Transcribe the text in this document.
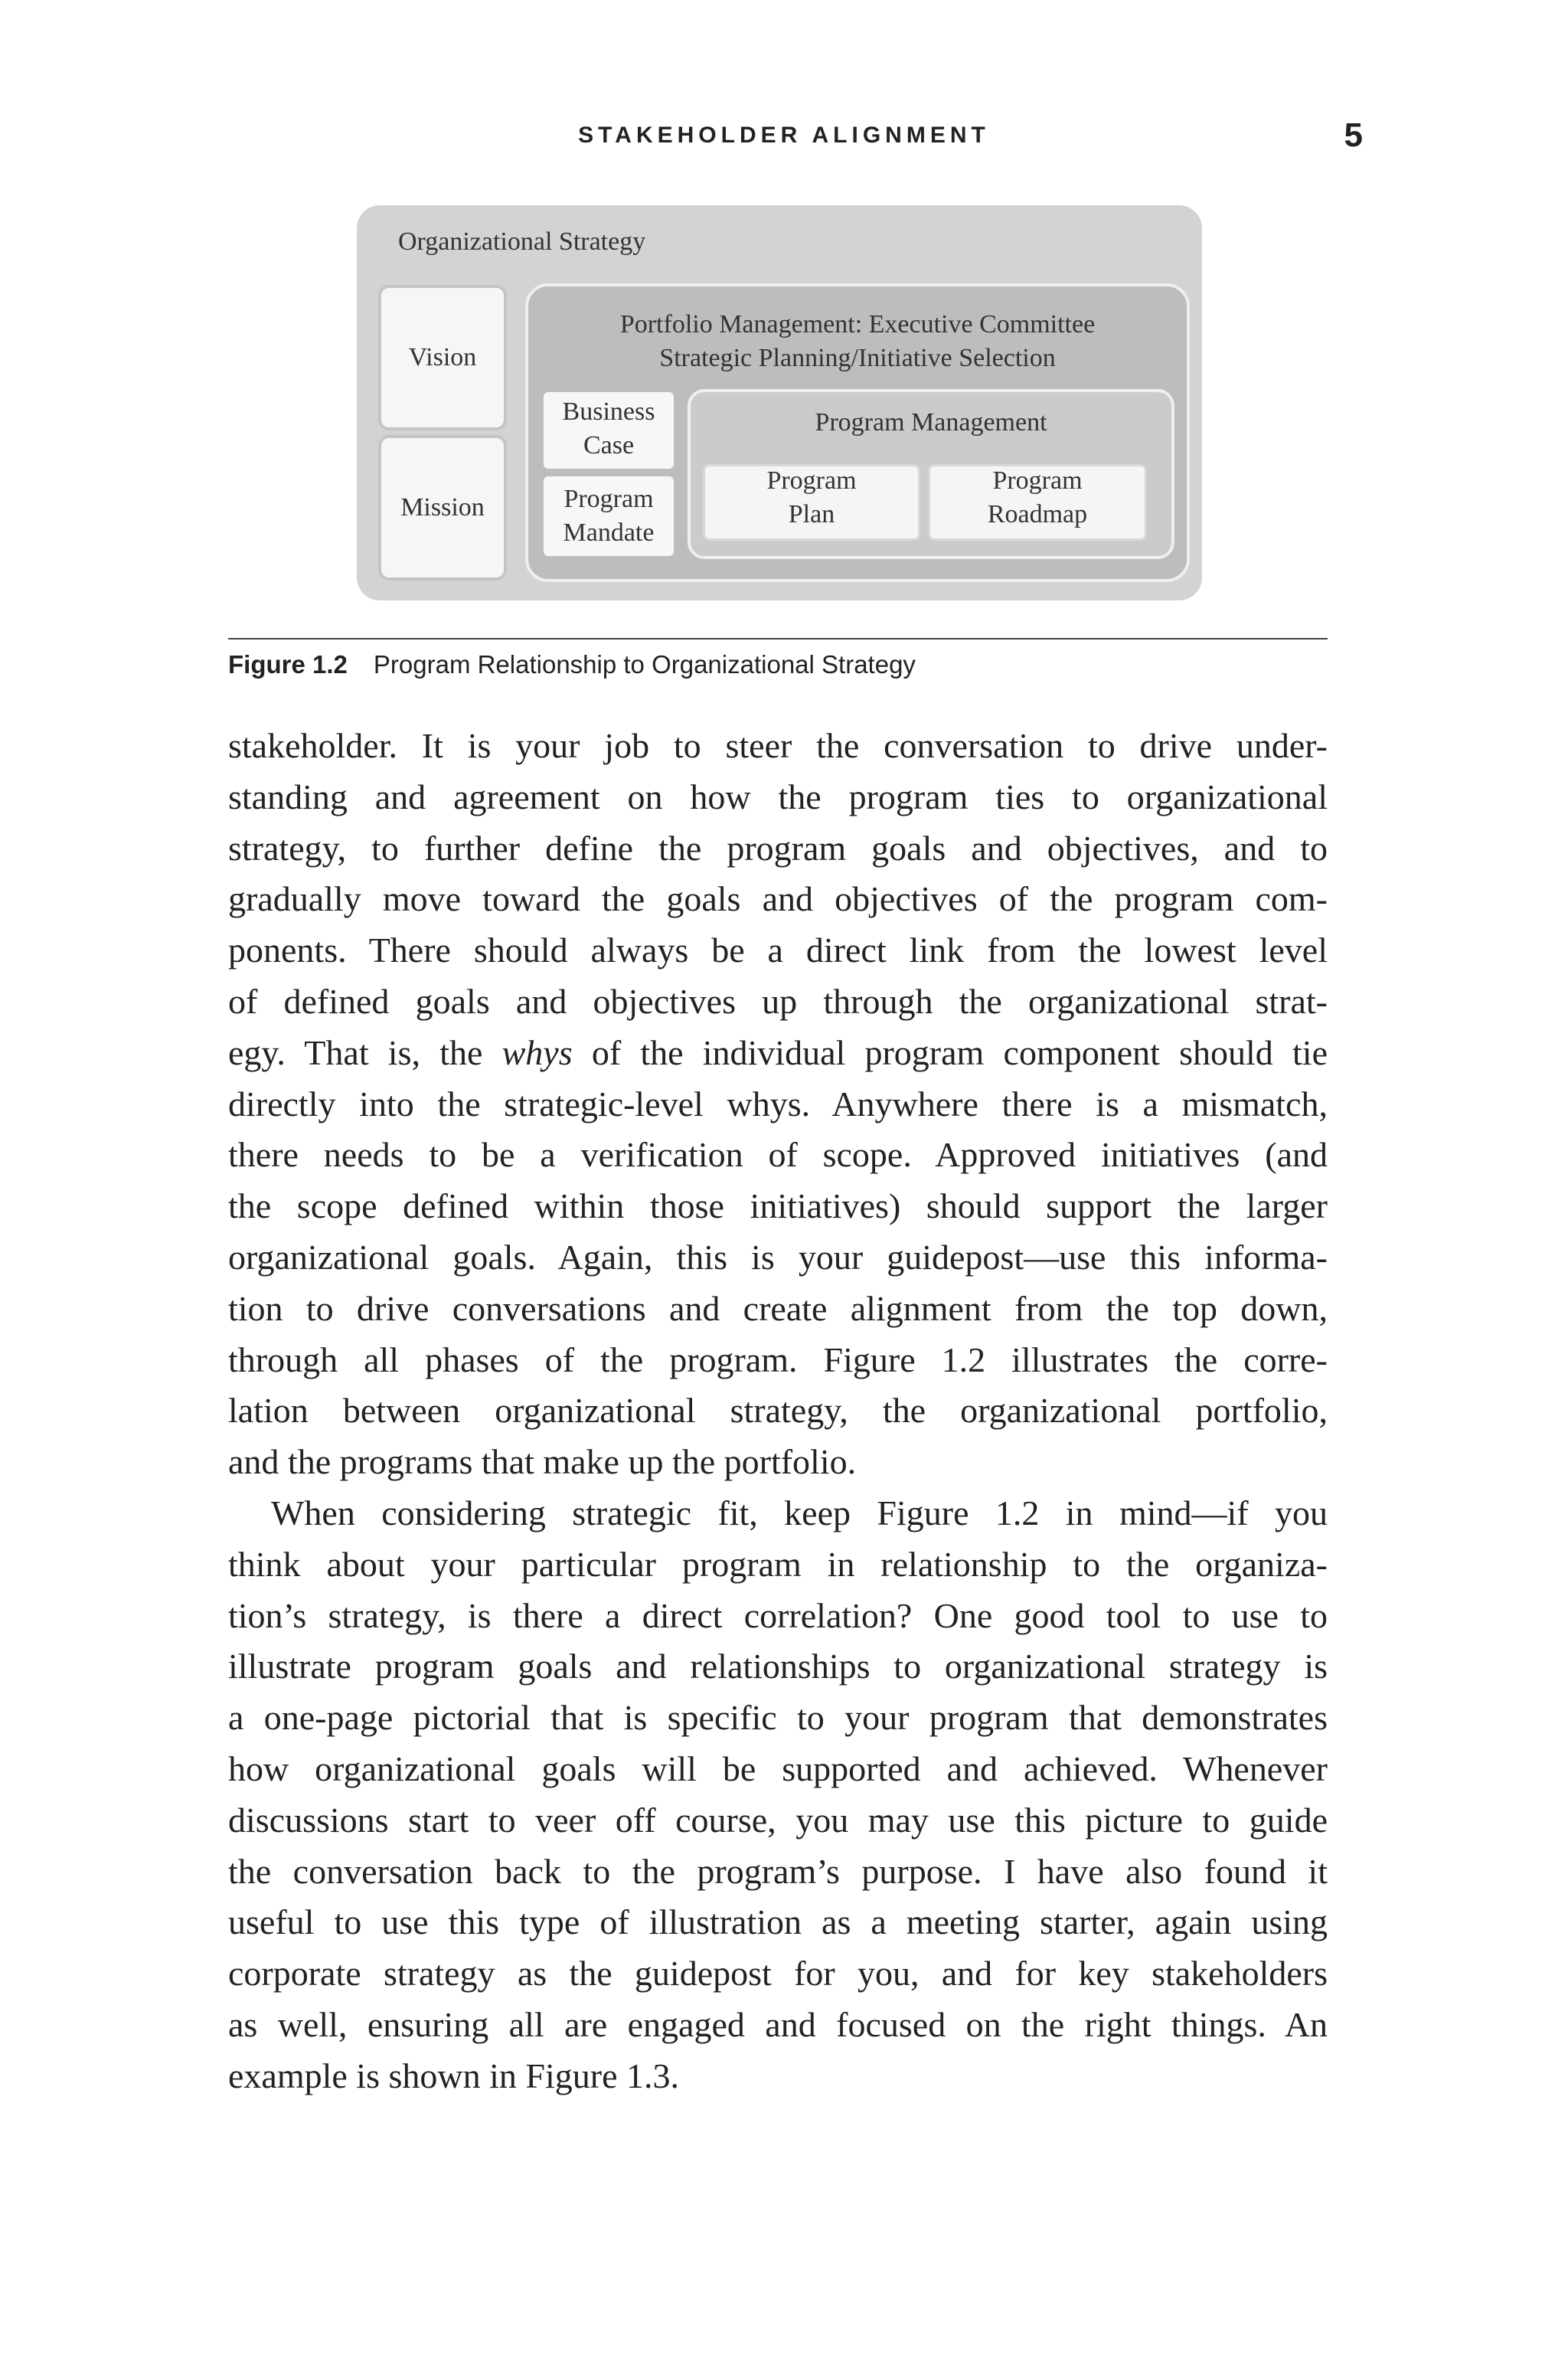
STAKEHOLDER ALIGNMENT	5
Organizational Strategy
Vision
Mission
Portfolio Management: Executive Committee
Strategic Planning/Initiative Selection
Business
Case
Program
Mandate
Program Management
Program
Plan
Program
Roadmap
Figure 1.2 Program Relationship to Organizational Strategy
stakeholder. It is your job to steer the conversation to drive under-
standing and agreement on how the program ties to organizational
strategy, to further define the program goals and objectives, and to
gradually move toward the goals and objectives of the program com-
ponents. There should always be a direct link from the lowest level
of defined goals and objectives up through the organizational strat-
egy. That is, the whys of the individual program component should tie
directly into the strategic-level whys. Anywhere there is a mismatch,
there needs to be a verification of scope. Approved initiatives (and
the scope defined within those initiatives) should support the larger
organizational goals. Again, this is your guidepost—use this informa-
tion to drive conversations and create alignment from the top down,
through all phases of the program. Figure 1.2 illustrates the corre-
lation between organizational strategy, the organizational portfolio,
and the programs that make up the portfolio.
When considering strategic fit, keep Figure 1.2 in mind—if you
think about your particular program in relationship to the organiza-
tion’s strategy, is there a direct correlation? One good tool to use to
illustrate program goals and relationships to organizational strategy is
a one-page pictorial that is specific to your program that demonstrates
how organizational goals will be supported and achieved. Whenever
discussions start to veer off course, you may use this picture to guide
the conversation back to the program’s purpose. I have also found it
useful to use this type of illustration as a meeting starter, again using
corporate strategy as the guidepost for you, and for key stakeholders
as well, ensuring all are engaged and focused on the right things. An
example is shown in Figure 1.3.
